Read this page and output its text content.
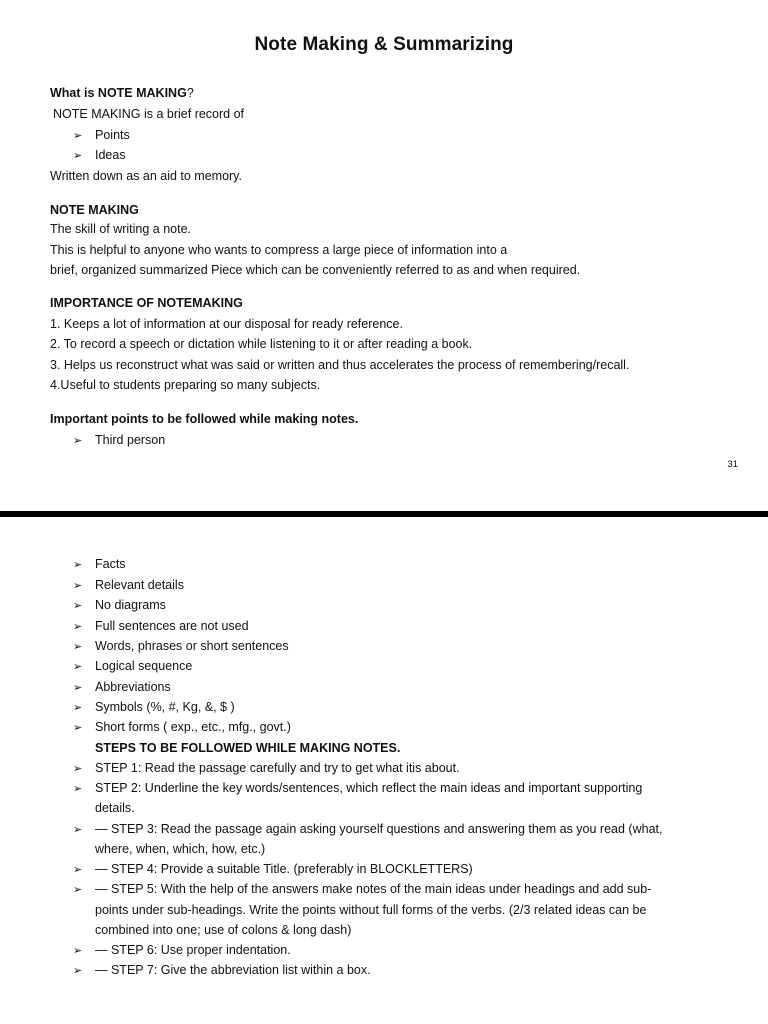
Note Making & Summarizing
What is NOTE MAKING?
NOTE MAKING is a brief record of
➢ Points
➢ Ideas
Written down as an aid to memory.
NOTE MAKING
The skill of writing a note.
This is helpful to anyone who wants to compress a large piece of information into a
brief, organized summarized Piece which can be conveniently referred to as and when required.
IMPORTANCE OF NOTEMAKING
1. Keeps a lot of information at our disposal for ready reference.
2. To record a speech or dictation while listening to it or after reading a book.
3. Helps us reconstruct what was said or written and thus accelerates the process of remembering/recall.
4.Useful to students preparing so many subjects.
Important points to be followed while making notes.
➢ Third person
31
➢ Facts
➢ Relevant details
➢ No diagrams
➢ Full sentences are not used
➢ Words, phrases or short sentences
➢ Logical sequence
➢ Abbreviations
➢ Symbols (%, #, Kg, &, $ )
➢ Short forms ( exp., etc., mfg., govt.)
STEPS TO BE FOLLOWED WHILE MAKING NOTES.
➢ STEP 1: Read the passage carefully and try to get what itis about.
➢ STEP 2: Underline the key words/sentences, which reflect the main ideas and important supporting
details.
➢ — STEP 3: Read the passage again asking yourself questions and answering them as you read (what,
where, when, which, how, etc.)
➢ — STEP 4: Provide a suitable Title. (preferably in BLOCKLETTERS)
➢ — STEP 5: With the help of the answers make notes of the main ideas under headings and add sub-
points under sub-headings. Write the points without full forms of the verbs. (2/3 related ideas can be
combined into one; use of colons & long dash)
➢ — STEP 6: Use proper indentation.
➢ — STEP 7: Give the abbreviation list within a box.
